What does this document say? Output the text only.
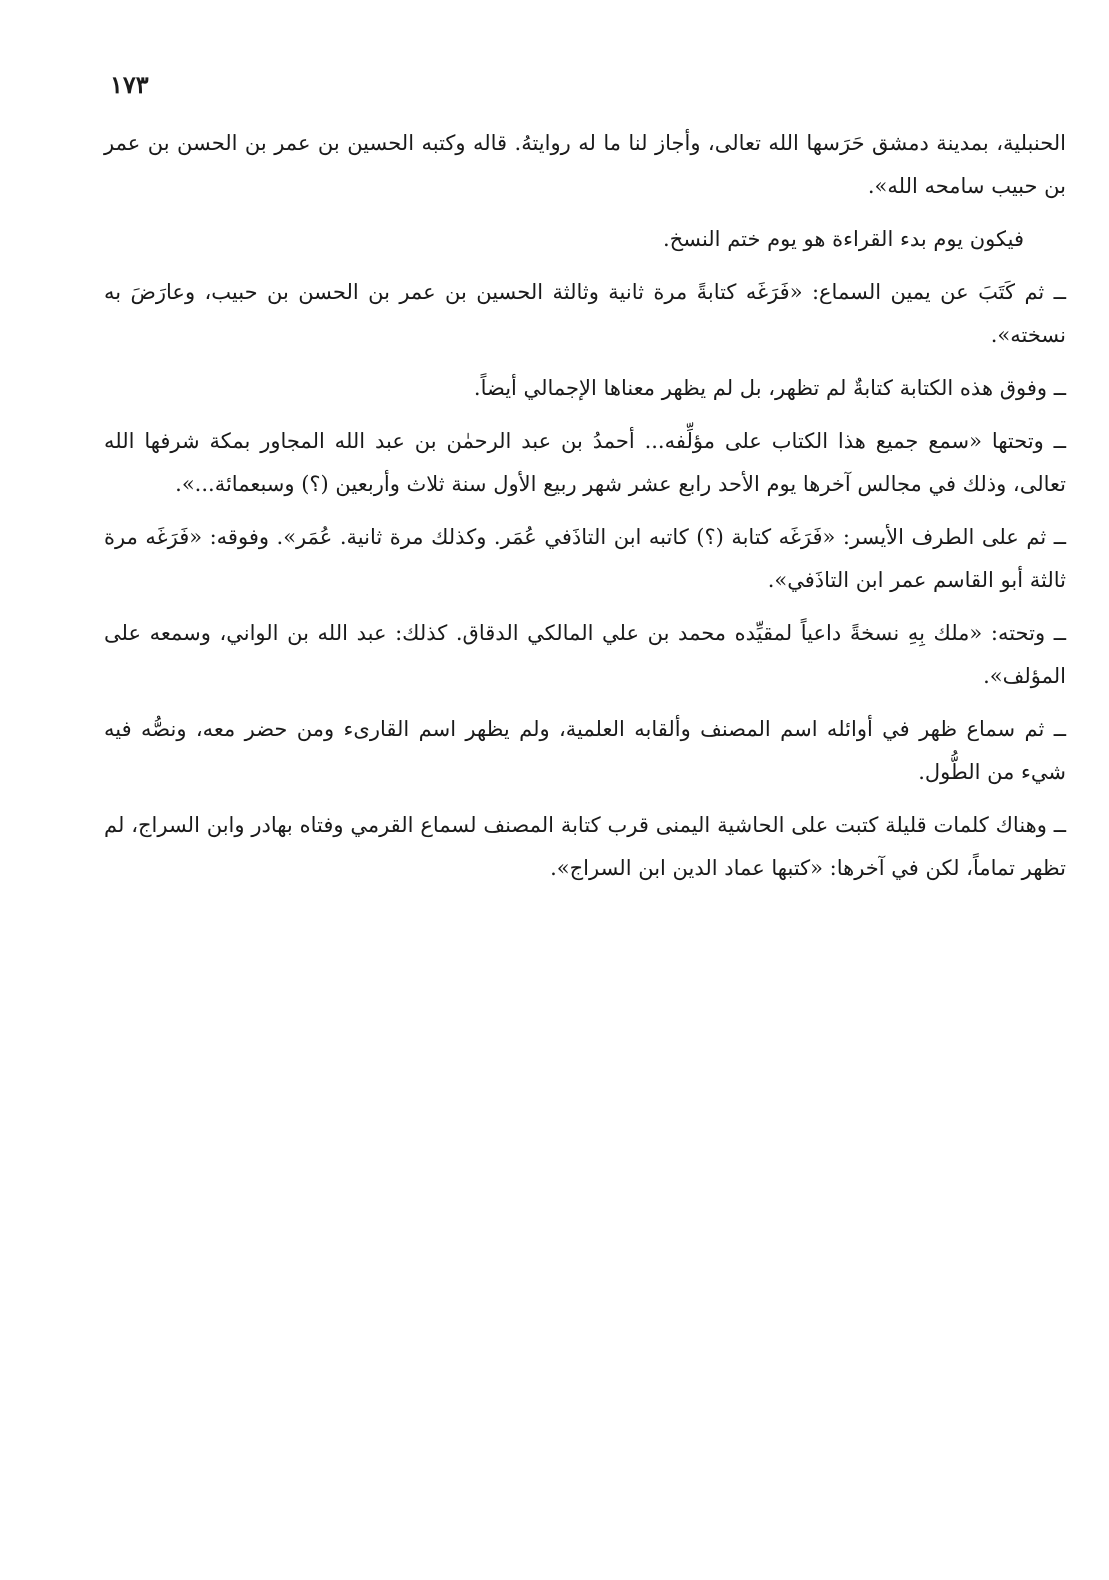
١٧٣

الحنبلية، بمدينة دمشق حَرَسها الله تعالى، وأجاز لنا ما له روايتهُ. قاله وكتبه الحسين بن عمر بن الحسن بن عمر بن حبيب سامحه الله».

فيكون يوم بدء القراءة هو يوم ختم النسخ.

ــ ثم كَتَبَ عن يمين السماع: «فَرَغَه كتابةً مرة ثانية وثالثة الحسين بن عمر بن الحسن بن حبيب، وعارَضَ به نسخته».

ــ وفوق هذه الكتابة كتابةٌ لم تظهر، بل لم يظهر معناها الإجمالي أيضاً.

ــ وتحتها «سمع جميع هذا الكتاب على مؤلِّفه... أحمدُ بن عبد الرحمٰن بن عبد الله المجاور بمكة شرفها الله تعالى، وذلك في مجالس آخرها يوم الأحد رابع عشر شهر ربيع الأول سنة ثلاث وأربعين (؟) وسبعمائة...».

ــ ثم على الطرف الأيسر: «فَرَغَه كتابة (؟) كاتبه ابن التاذَفي عُمَر. وكذلك مرة ثانية. عُمَر». وفوقه: «فَرَغَه مرة ثالثة أبو القاسم عمر ابن التاذَفي».

ــ وتحته: «ملك بِهِ نسخةً داعياً لمقيِّده محمد بن علي المالكي الدقاق. كذلك: عبد الله بن الواني، وسمعه على المؤلف».

ــ ثم سماع ظهر في أوائله اسم المصنف وألقابه العلمية، ولم يظهر اسم القارىء ومن حضر معه، ونصُّه فيه شيء من الطُّول.

ــ وهناك كلمات قليلة كتبت على الحاشية اليمنى قرب كتابة المصنف لسماع القرمي وفتاه بهادر وابن السراج، لم تظهر تماماً، لكن في آخرها: «كتبها عماد الدين ابن السراج».
